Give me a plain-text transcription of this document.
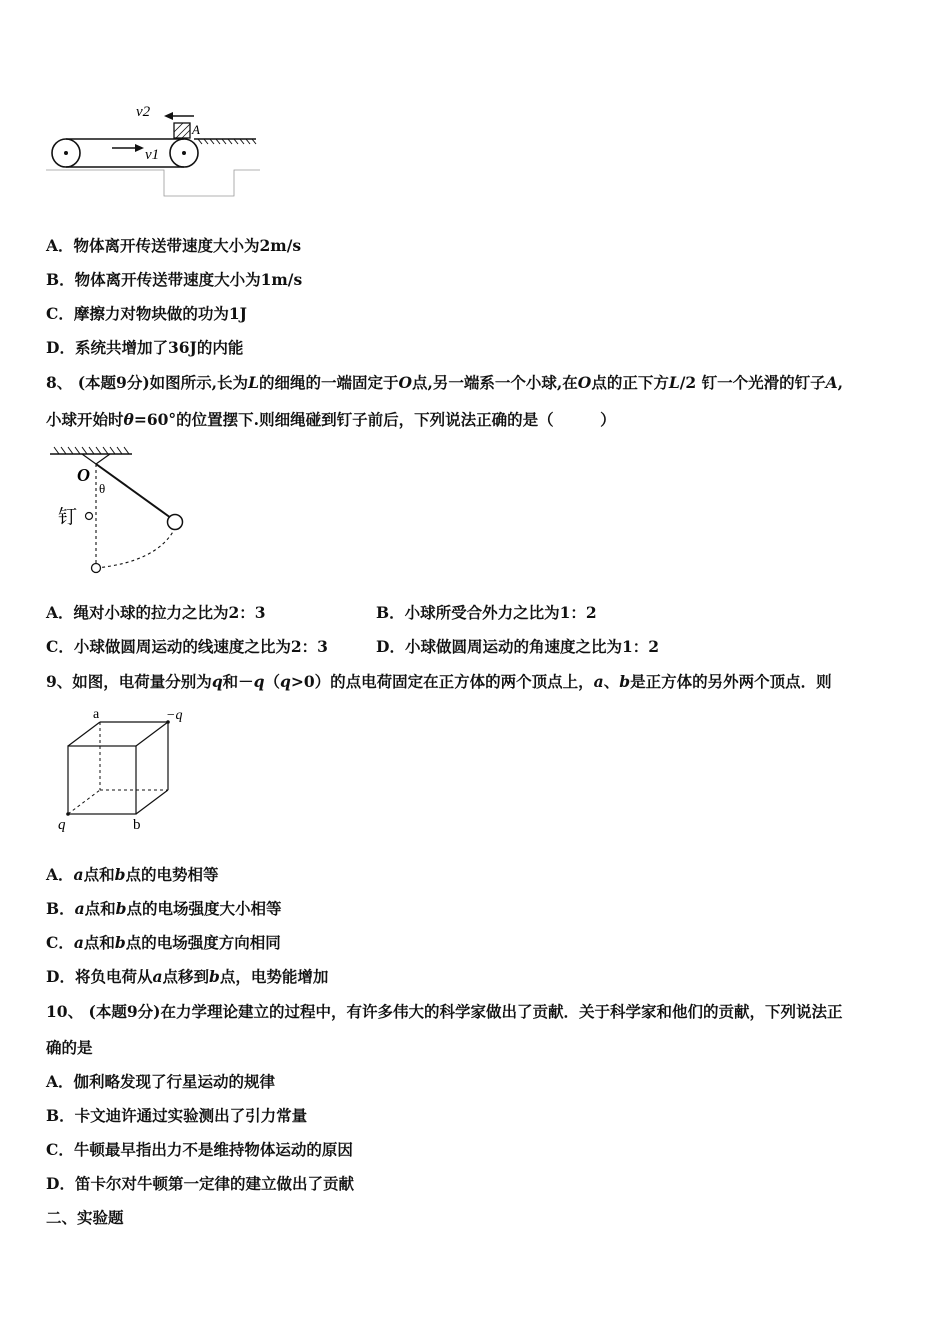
v1
A
v2
A．物体离开传送带速度大小为2m/s
B．物体离开传送带速度大小为1m/s
C．摩擦力对物块做的功为1J
D．系统共增加了36J的内能
8、 (本题9分)如图所示,长为L的细绳的一端固定于O点,另一端系一个小球,在O点的正下方L/2 钉一个光滑的钉子A,
小球开始时θ=60°的位置摆下.则细绳碰到钉子前后，下列说法正确的是（　　　）
O
θ
钉
A．绳对小球的拉力之比为2：3	B．小球所受合外力之比为1：2
C．小球做圆周运动的线速度之比为2：3	D．小球做圆周运动的角速度之比为1：2
9、如图，电荷量分别为q和－q（q>0）的点电荷固定在正方体的两个顶点上，a、b是正方体的另外两个顶点．则
a	−q
q	b
A．a点和b点的电势相等
B．a点和b点的电场强度大小相等
C．a点和b点的电场强度方向相同
D．将负电荷从a点移到b点，电势能增加
10、 (本题9分)在力学理论建立的过程中，有许多伟大的科学家做出了贡献．关于科学家和他们的贡献，下列说法正
确的是
A．伽利略发现了行星运动的规律
B．卡文迪许通过实验测出了引力常量
C．牛顿最早指出力不是维持物体运动的原因
D．笛卡尔对牛顿第一定律的建立做出了贡献
二、实验题
